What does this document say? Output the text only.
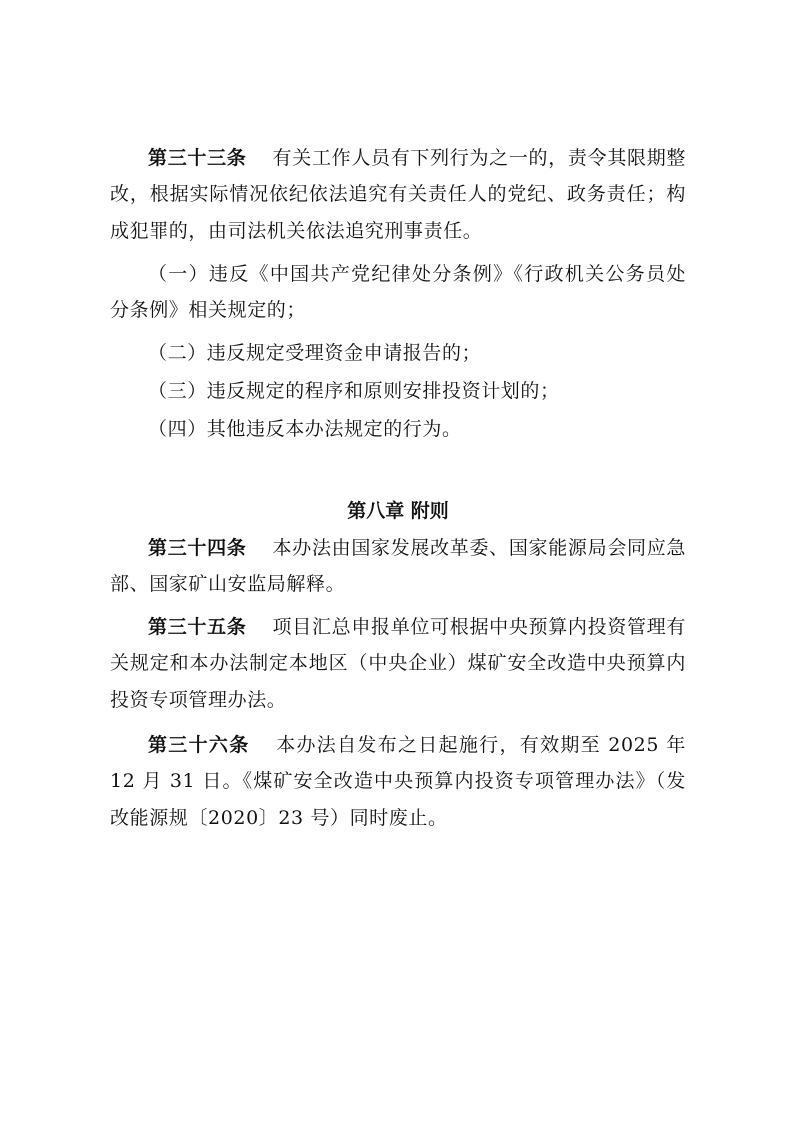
第三十三条 有关工作人员有下列行为之一的，责令其限期整改，根据实际情况依纪依法追究有关责任人的党纪、政务责任；构成犯罪的，由司法机关依法追究刑事责任。

（一）违反《中国共产党纪律处分条例》《行政机关公务员处分条例》相关规定的；

（二）违反规定受理资金申请报告的；

（三）违反规定的程序和原则安排投资计划的；

（四）其他违反本办法规定的行为。

第八章 附则

第三十四条 本办法由国家发展改革委、国家能源局会同应急部、国家矿山安监局解释。

第三十五条 项目汇总申报单位可根据中央预算内投资管理有关规定和本办法制定本地区（中央企业）煤矿安全改造中央预算内投资专项管理办法。

第三十六条 本办法自发布之日起施行，有效期至 2025 年 12 月 31 日。《煤矿安全改造中央预算内投资专项管理办法》（发改能源规〔2020〕23 号）同时废止。
